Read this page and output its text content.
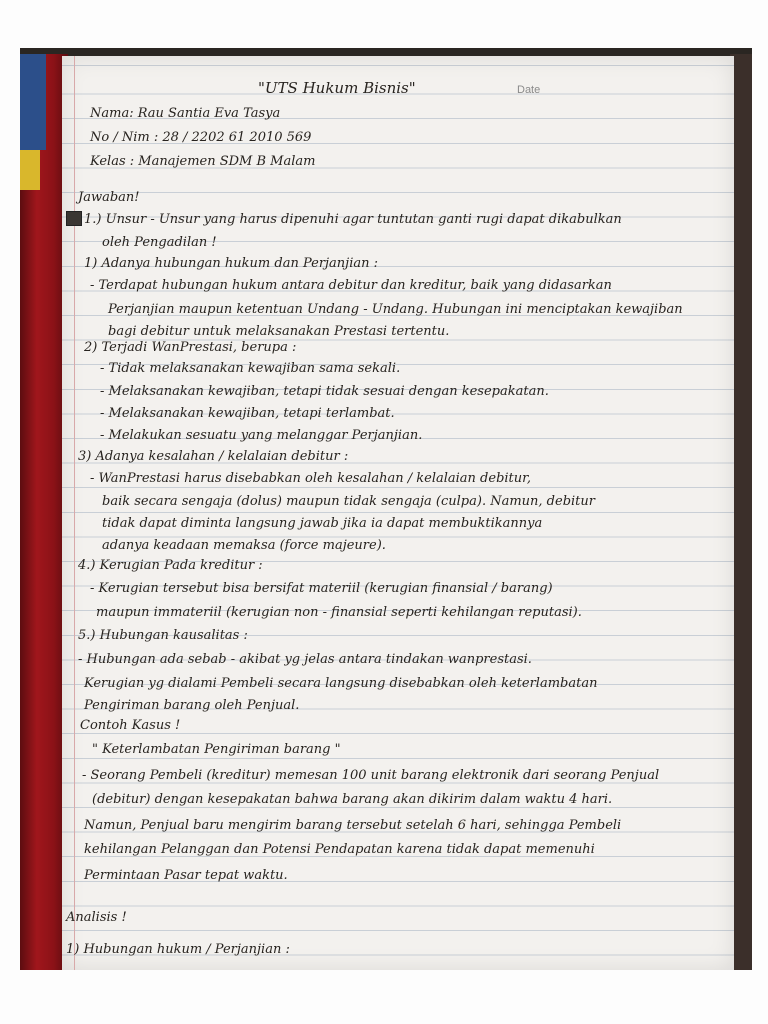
Date
"UTS Hukum Bisnis"
Nama: Rau Santia Eva Tasya
No / Nim : 28 / 2202 61 2010 569
Kelas : Manajemen SDM B Malam
Jawaban!
1.) Unsur - Unsur yang harus dipenuhi agar tuntutan ganti rugi dapat dikabulkan
oleh Pengadilan !
1) Adanya hubungan hukum dan Perjanjian :
- Terdapat hubungan hukum antara debitur dan kreditur, baik yang didasarkan
Perjanjian maupun ketentuan Undang - Undang. Hubungan ini menciptakan kewajiban
bagi debitur untuk melaksanakan Prestasi tertentu.
2) Terjadi WanPrestasi, berupa :
- Tidak melaksanakan kewajiban sama sekali.
- Melaksanakan kewajiban, tetapi tidak sesuai dengan kesepakatan.
- Melaksanakan kewajiban, tetapi terlambat.
- Melakukan sesuatu yang melanggar Perjanjian.
3) Adanya kesalahan / kelalaian debitur :
- WanPrestasi harus disebabkan oleh kesalahan / kelalaian debitur,
baik secara sengaja (dolus) maupun tidak sengaja (culpa). Namun, debitur
tidak dapat diminta langsung jawab jika ia dapat membuktikannya
adanya keadaan memaksa (force majeure).
4.) Kerugian Pada kreditur :
- Kerugian tersebut bisa bersifat materiil (kerugian finansial / barang)
maupun immateriil (kerugian non - finansial seperti kehilangan reputasi).
5.) Hubungan kausalitas :
- Hubungan ada sebab - akibat yg jelas antara tindakan wanprestasi.
Kerugian yg dialami Pembeli secara langsung disebabkan oleh keterlambatan
Pengiriman barang oleh Penjual.
Contoh Kasus !
" Keterlambatan Pengiriman barang "
- Seorang Pembeli (kreditur) memesan 100 unit barang elektronik dari seorang Penjual
(debitur) dengan kesepakatan bahwa barang akan dikirim dalam waktu 4 hari.
Namun, Penjual baru mengirim barang tersebut setelah 6 hari, sehingga Pembeli
kehilangan Pelanggan dan Potensi Pendapatan karena tidak dapat memenuhi
Permintaan Pasar tepat waktu.
Analisis !
1) Hubungan hukum / Perjanjian :
